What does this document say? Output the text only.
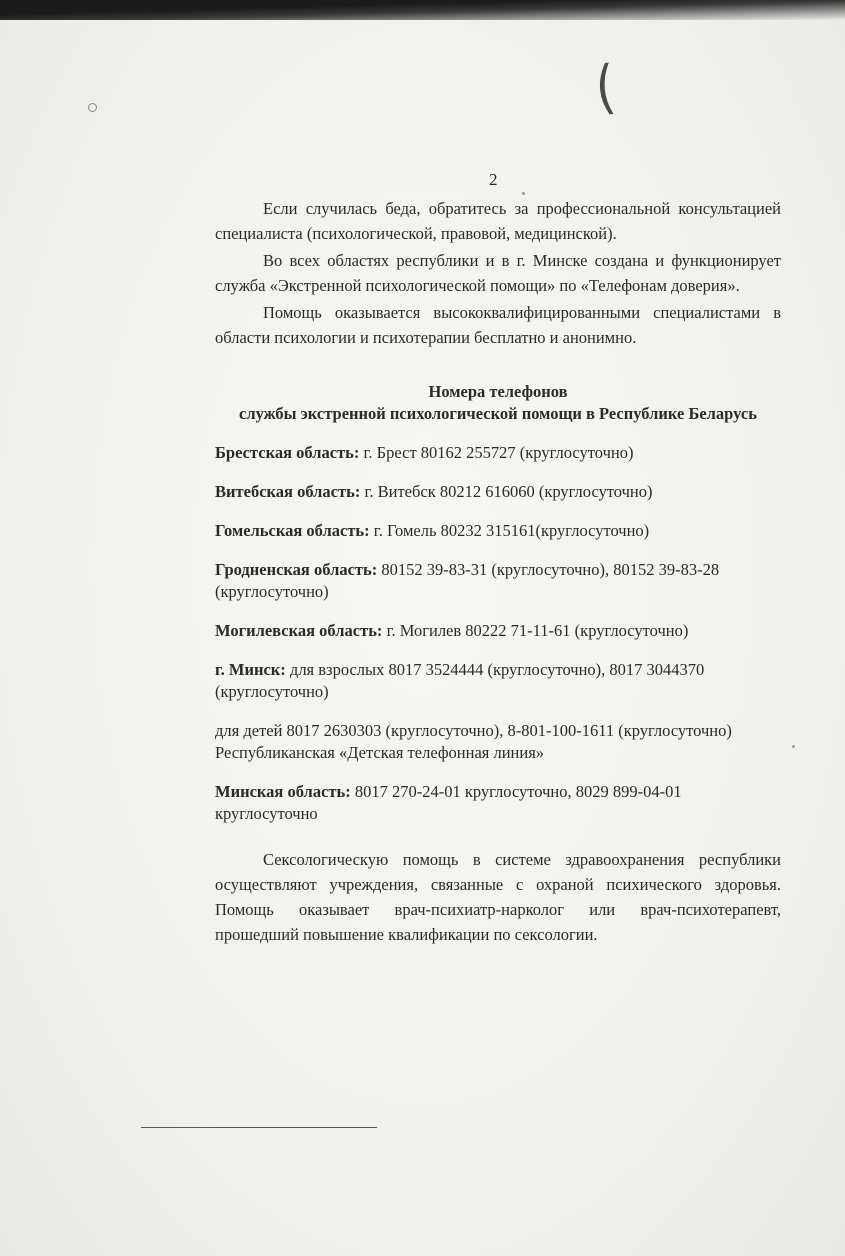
(
2

Если случилась беда, обратитесь за профессиональной консультацией специалиста (психологической, правовой, медицинской).

Во всех областях республики и в г. Минске создана и функционирует служба «Экстренной психологической помощи» по «Телефонам доверия».

Помощь оказывается высококвалифицированными специалистами в области психологии и психотерапии бесплатно и анонимно.

Номера телефонов
службы экстренной психологической помощи в Республике Беларусь
Брестская область: г. Брест 80162 255727 (круглосуточно)
Витебская область: г. Витебск 80212 616060 (круглосуточно)
Гомельская область: г. Гомель 80232 315161(круглосуточно)
Гродненская область: 80152 39-83-31 (круглосуточно), 80152 39-83-28 (круглосуточно)
Могилевская область: г. Могилев 80222 71-11-61 (круглосуточно)
г. Минск: для взрослых 8017 3524444 (круглосуточно), 8017 3044370 (круглосуточно)
для детей 8017 2630303 (круглосуточно), 8-801-100-1611 (круглосуточно) Республиканская «Детская телефонная линия»
Минская область: 8017 270-24-01 круглосуточно, 8029 899-04-01 круглосуточно

Сексологическую помощь в системе здравоохранения республики осуществляют учреждения, связанные с охраной психического здоровья. Помощь оказывает врач-психиатр-нарколог или врач-психотерапевт, прошедший повышение квалификации по сексологии.
